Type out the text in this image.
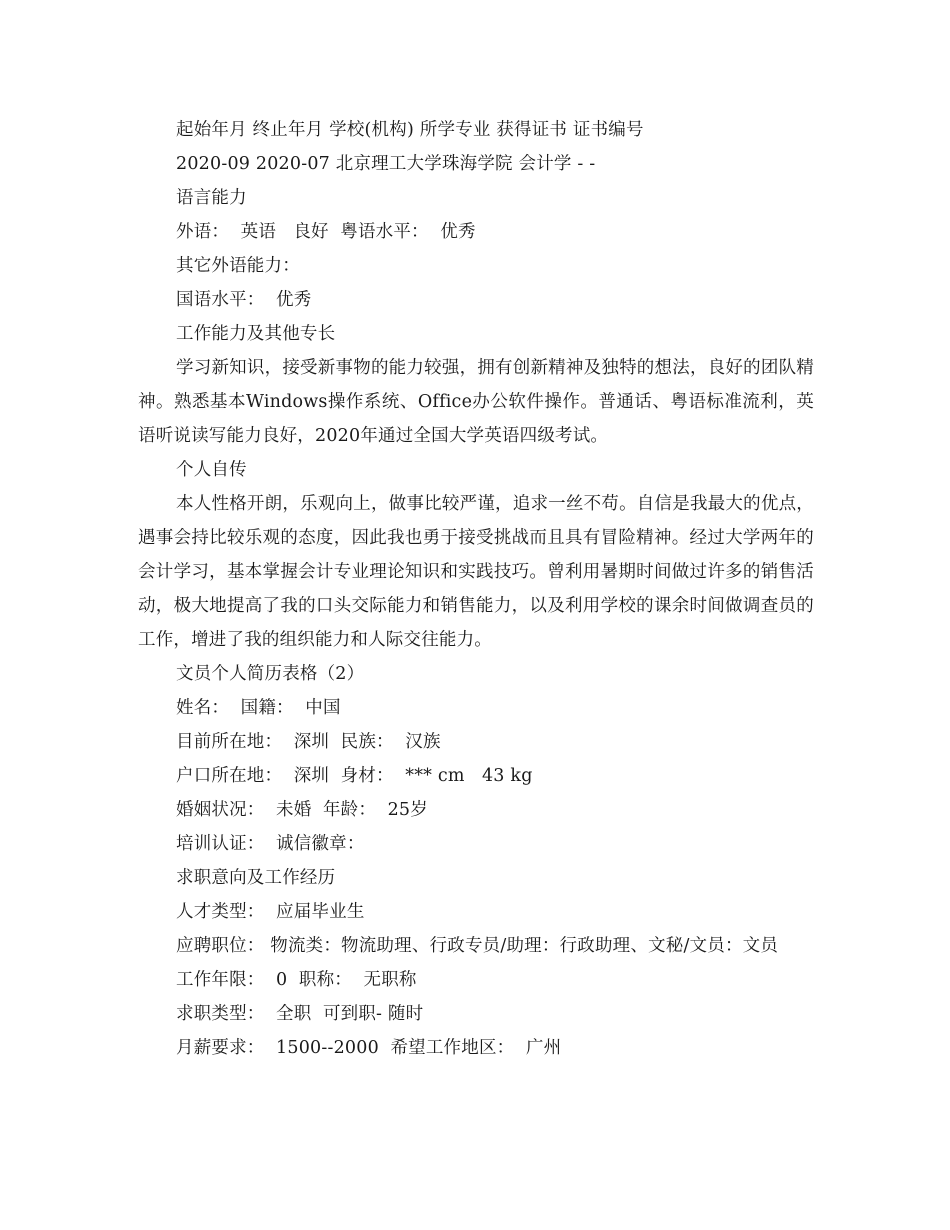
起始年月 终止年月 学校(机构) 所学专业 获得证书 证书编号

2020-09 2020-07 北京理工大学珠海学院 会计学 - -

语言能力

外语：  英语   良好  粤语水平：  优秀

其它外语能力：

国语水平：  优秀

工作能力及其他专长

学习新知识，接受新事物的能力较强，拥有创新精神及独特的想法，良好的团队精神。熟悉基本Windows操作系统、Office办公软件操作。普通话、粤语标准流利，英语听说读写能力良好，2020年通过全国大学英语四级考试。

个人自传

本人性格开朗，乐观向上，做事比较严谨，追求一丝不苟。自信是我最大的优点，遇事会持比较乐观的态度，因此我也勇于接受挑战而且具有冒险精神。经过大学两年的会计学习，基本掌握会计专业理论知识和实践技巧。曾利用暑期时间做过许多的销售活动，极大地提高了我的口头交际能力和销售能力，以及利用学校的课余时间做调查员的工作，增进了我的组织能力和人际交往能力。

文员个人简历表格（2）

姓名：  国籍：  中国

目前所在地：  深圳  民族：  汉族

户口所在地：  深圳  身材：  *** cm   43 kg

婚姻状况：  未婚  年龄：  25岁

培训认证：  诚信徽章：

求职意向及工作经历

人才类型：  应届毕业生

应聘职位： 物流类：物流助理、行政专员/助理：行政助理、文秘/文员：文员

工作年限：  0  职称：  无职称

求职类型：  全职  可到职- 随时

月薪要求：  1500--2000  希望工作地区：  广州
